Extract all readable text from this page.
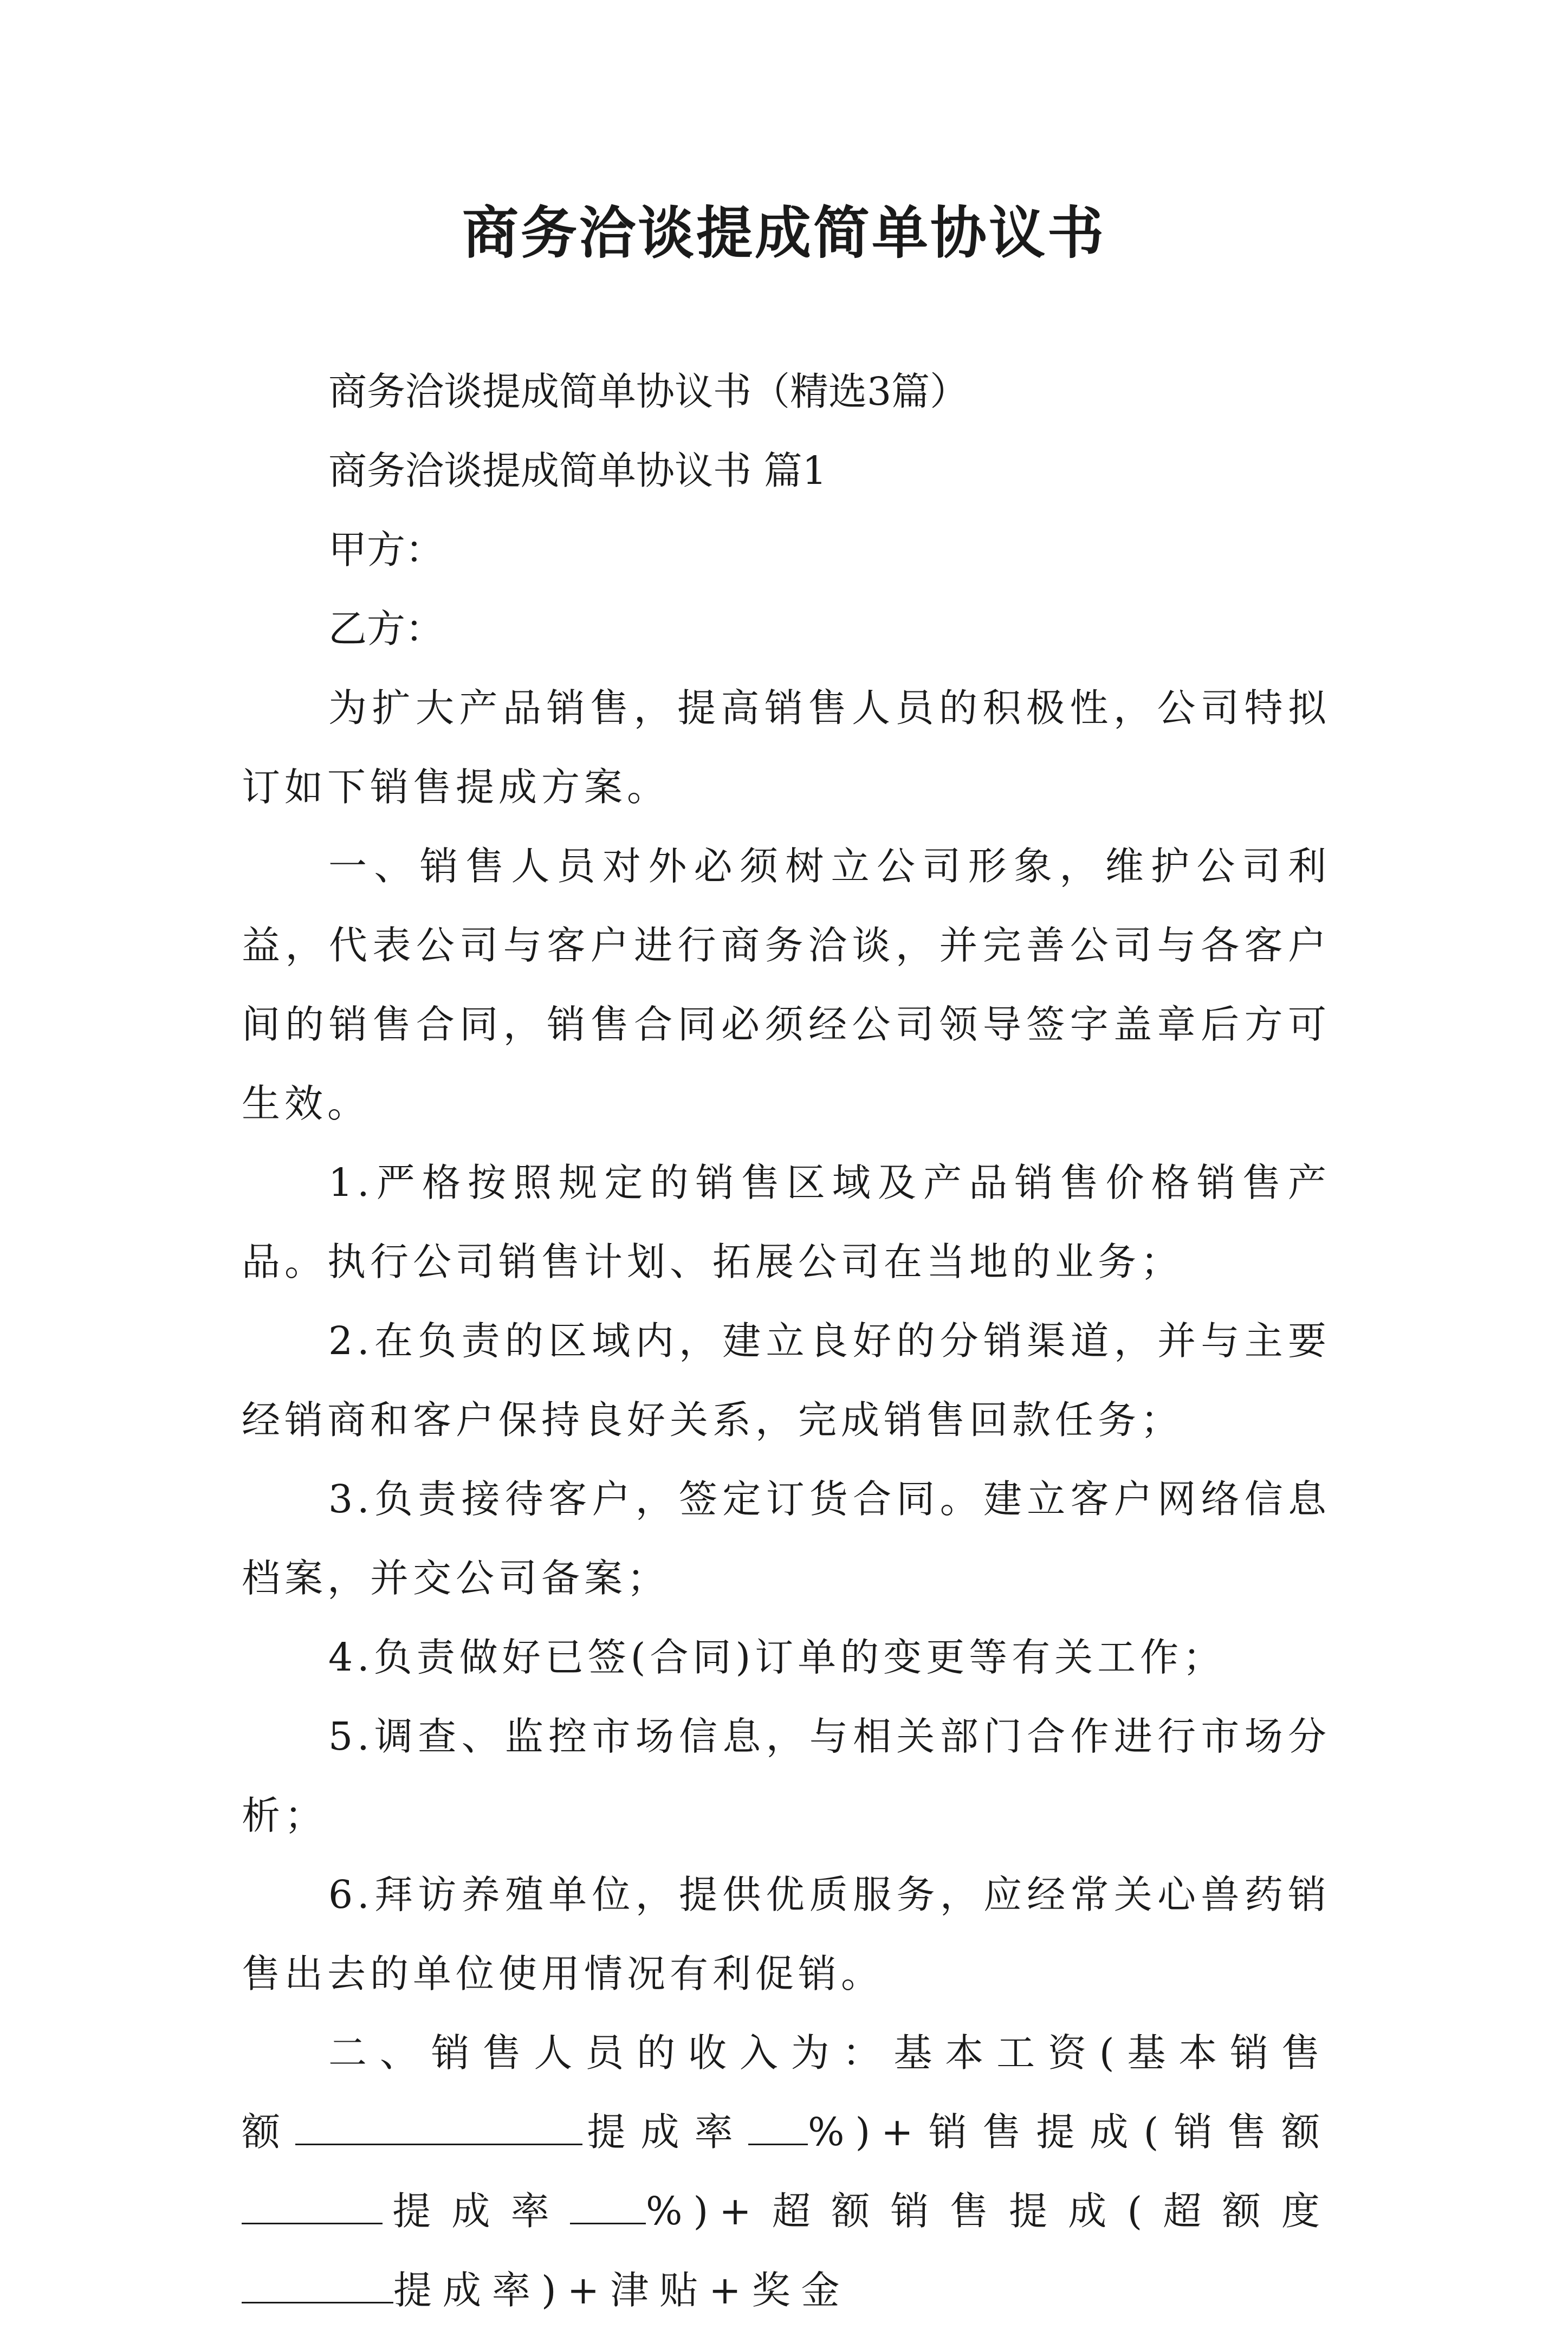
商务洽谈提成简单协议书

商务洽谈提成简单协议书（精选3篇）

商务洽谈提成简单协议书 篇1

甲方：

乙方：

为扩大产品销售，提高销售人员的积极性，公司特拟订如下销售提成方案。

一、销售人员对外必须树立公司形象，维护公司利益，代表公司与客户进行商务洽谈，并完善公司与各客户间的销售合同，销售合同必须经公司领导签字盖章后方可生效。

1.严格按照规定的销售区域及产品销售价格销售产品。执行公司销售计划、拓展公司在当地的业务；

2.在负责的区域内，建立良好的分销渠道，并与主要经销商和客户保持良好关系，完成销售回款任务；

3.负责接待客户，签定订货合同。建立客户网络信息档案，并交公司备案；

4.负责做好已签(合同)订单的变更等有关工作；

5.调查、监控市场信息，与相关部门合作进行市场分析；

6.拜访养殖单位，提供优质服务，应经常关心兽药销售出去的单位使用情况有利促销。

二、销售人员的收入为：基本工资(基本销售额	提成率 %)+销售提成(销售额提成率 %)+超额销售提成(超额度提成率)+津贴+奖金
